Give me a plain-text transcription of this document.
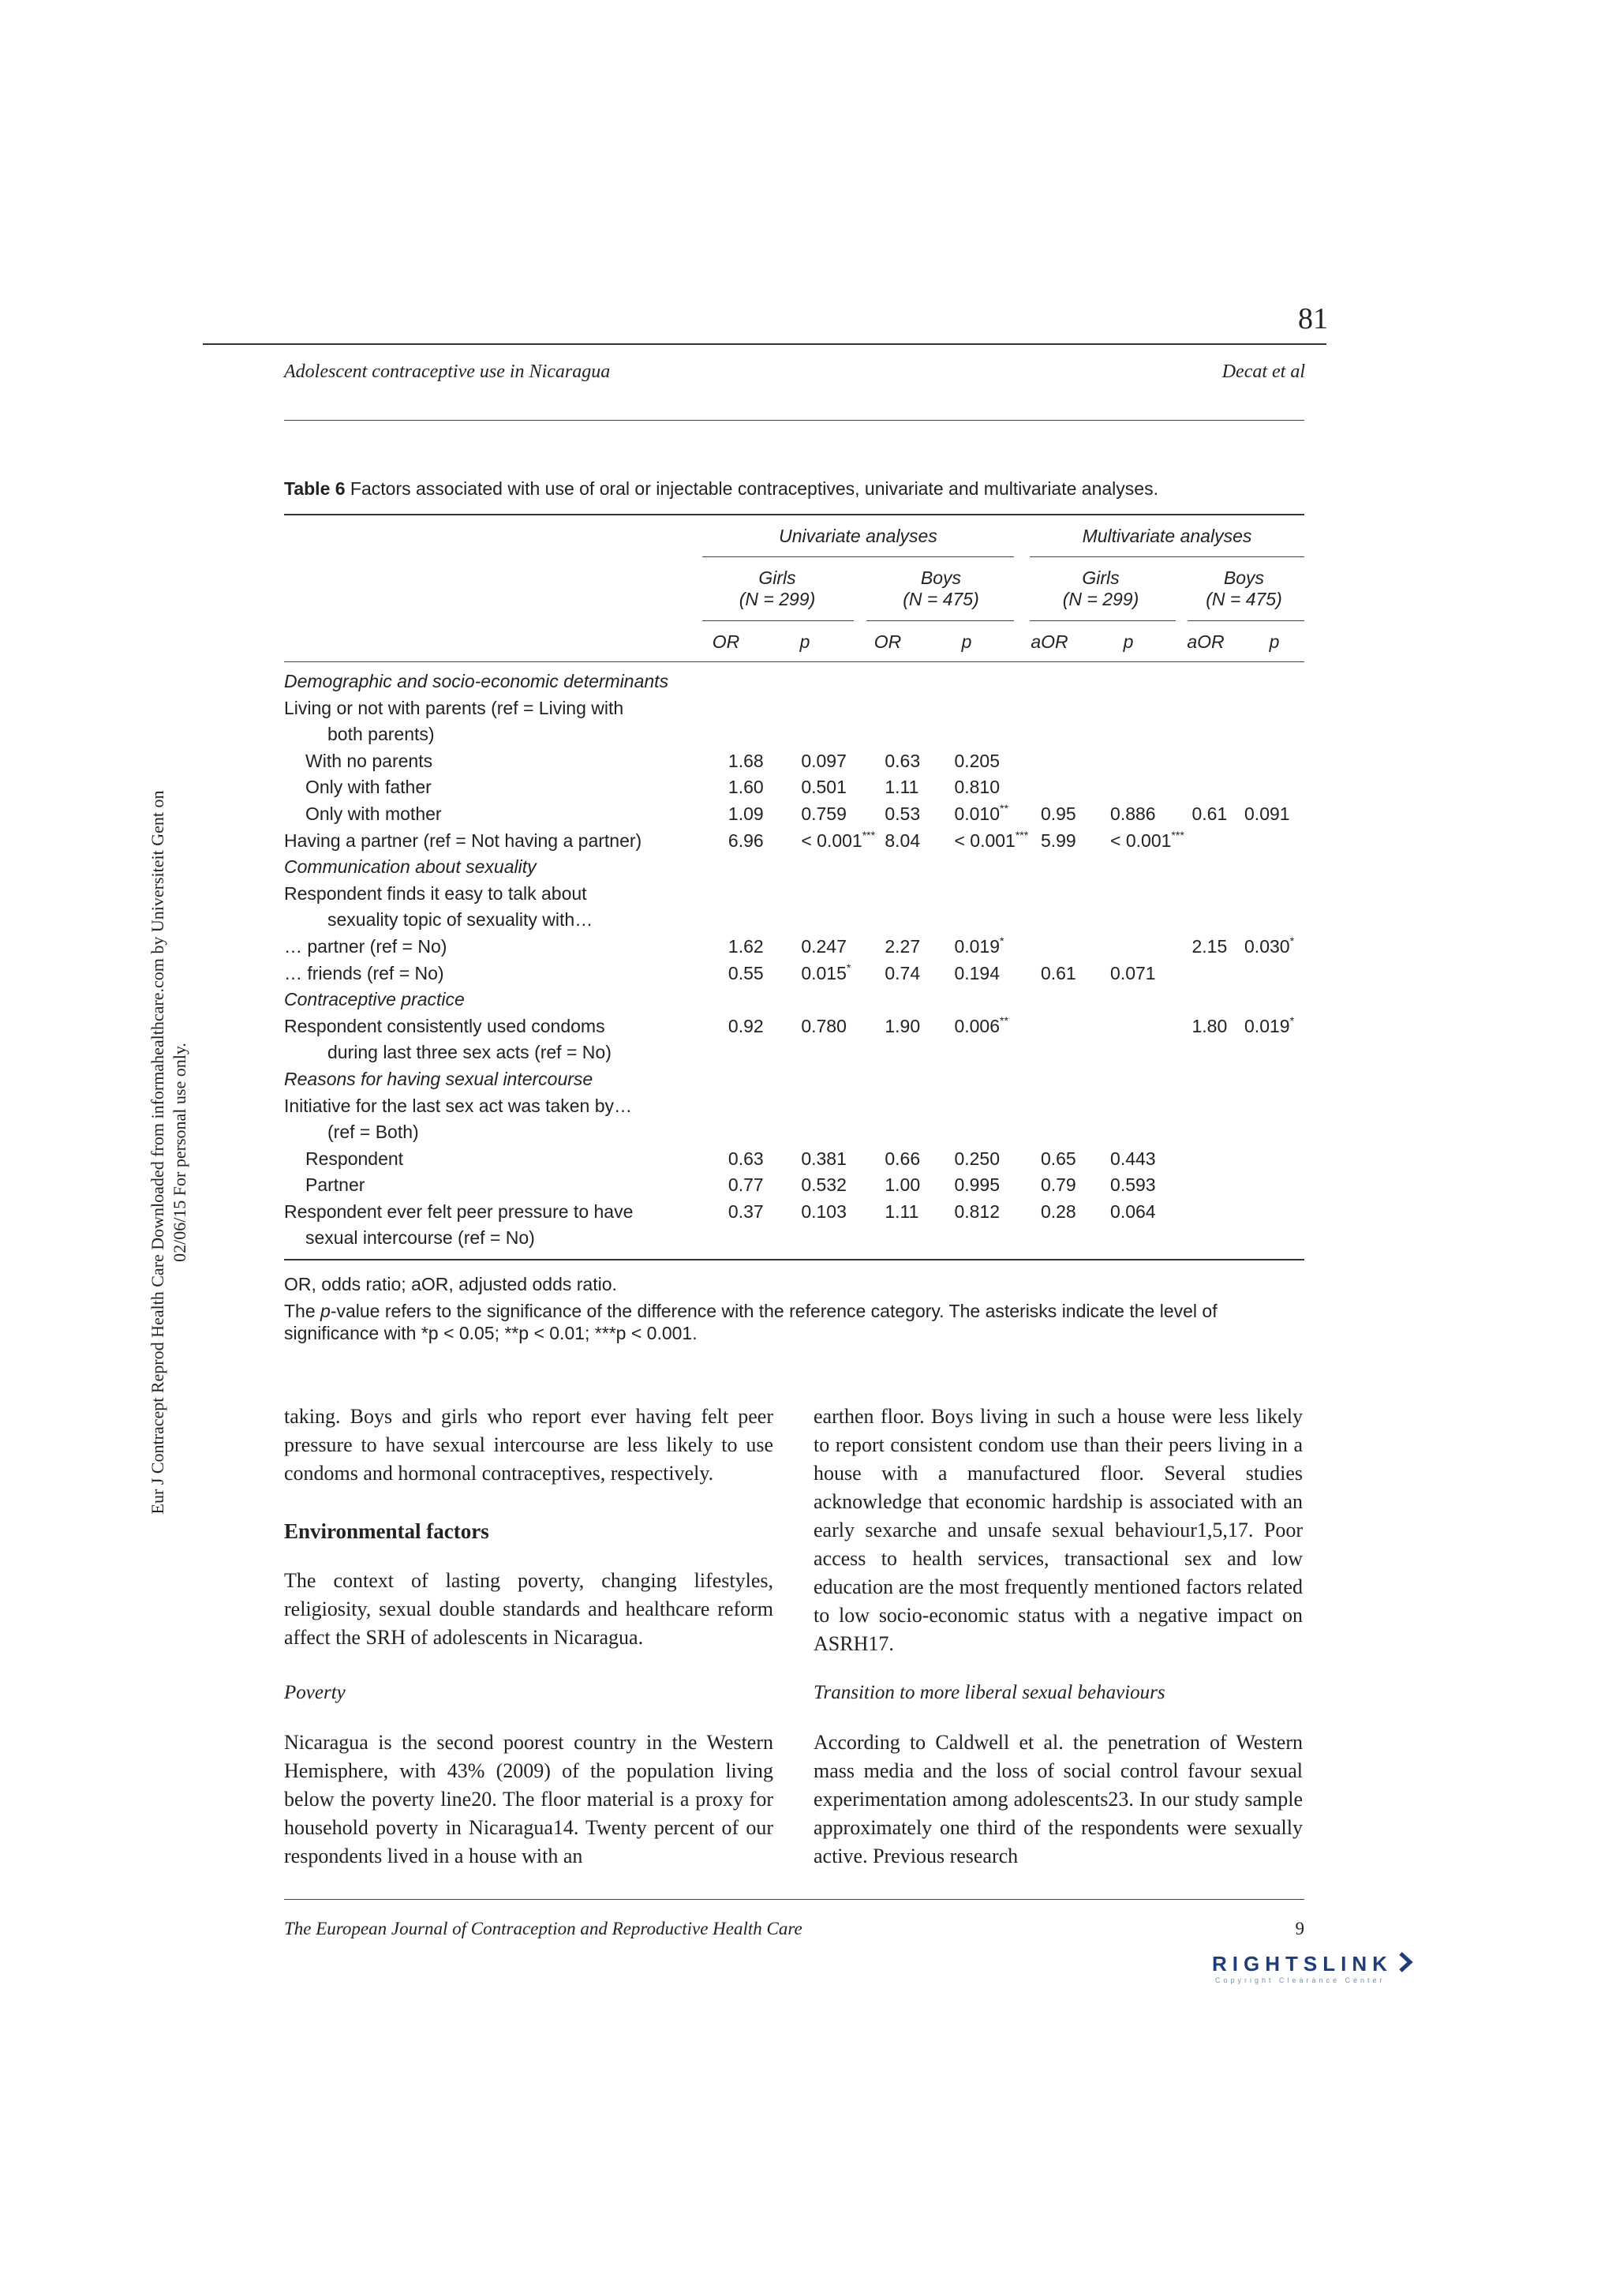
81
Adolescent contraceptive use in Nicaragua	Decat et al
Eur J Contracept Reprod Health Care Downloaded from informahealthcare.com by Universiteit Gent on 02/06/15 For personal use only.
Table 6 Factors associated with use of oral or injectable contraceptives, univariate and multivariate analyses.
Univariate analyses	Multivariate analyses
Girls
(N = 299)
Boys
(N = 475)
Girls
(N = 299)
Boys
(N = 475)
OR	p	OR	p	aOR	p	aOR	p
Demographic and socio-economic determinants								
Living or not with parents (ref = Living with								
both parents)								
With no parents	1.68	0.097	0.63	0.205				
Only with father	1.60	0.501	1.11	0.810				
Only with mother	1.09	0.759	0.53	0.010**	0.95	0.886	0.61	0.091
Having a partner (ref = Not having a partner)	6.96	< 0.001***	8.04	< 0.001***	5.99	< 0.001***		
Communication about sexuality								
Respondent finds it easy to talk about								
sexuality topic of sexuality with…								
… partner (ref = No)	1.62	0.247	2.27	0.019*			2.15	0.030*
… friends (ref = No)	0.55	0.015*	0.74	0.194	0.61	0.071		
Contraceptive practice								
Respondent consistently used condoms	0.92	0.780	1.90	0.006**			1.80	0.019*
during last three sex acts (ref = No)								
Reasons for having sexual intercourse								
Initiative for the last sex act was taken by…								
(ref = Both)								
Respondent	0.63	0.381	0.66	0.250	0.65	0.443		
Partner	0.77	0.532	1.00	0.995	0.79	0.593		
Respondent ever felt peer pressure to have	0.37	0.103	1.11	0.812	0.28	0.064		
sexual intercourse (ref = No)								
OR, odds ratio; aOR, adjusted odds ratio.
The p-value refers to the significance of the difference with the reference category. The asterisks indicate the level of significance with *p < 0.05; **p < 0.01; ***p < 0.001.

taking. Boys and girls who report ever having felt peer pressure to have sexual intercourse are less likely to use condoms and hormonal contraceptives, respectively.

Environmental factors

The context of lasting poverty, changing lifestyles, religiosity, sexual double standards and healthcare reform affect the SRH of adolescents in Nicaragua.

Poverty

Nicaragua is the second poorest country in the Western Hemisphere, with 43% (2009) of the population living below the poverty line20. The floor material is a proxy for household poverty in Nicaragua14. Twenty percent of our respondents lived in a house with an

earthen floor. Boys living in such a house were less likely to report consistent condom use than their peers living in a house with a manufactured floor. Several studies acknowledge that economic hardship is associated with an early sexarche and unsafe sexual behaviour1,5,17. Poor access to health services, transactional sex and low education are the most frequently mentioned factors related to low socio-economic status with a negative impact on ASRH17.

Transition to more liberal sexual behaviours

According to Caldwell et al. the penetration of Western mass media and the loss of social control favour sexual experimentation among adolescents23. In our study sample approximately one third of the respondents were sexually active. Previous research

The European Journal of Contraception and Reproductive Health Care	9
RIGHTSLINK
Copyright Clearance Center
